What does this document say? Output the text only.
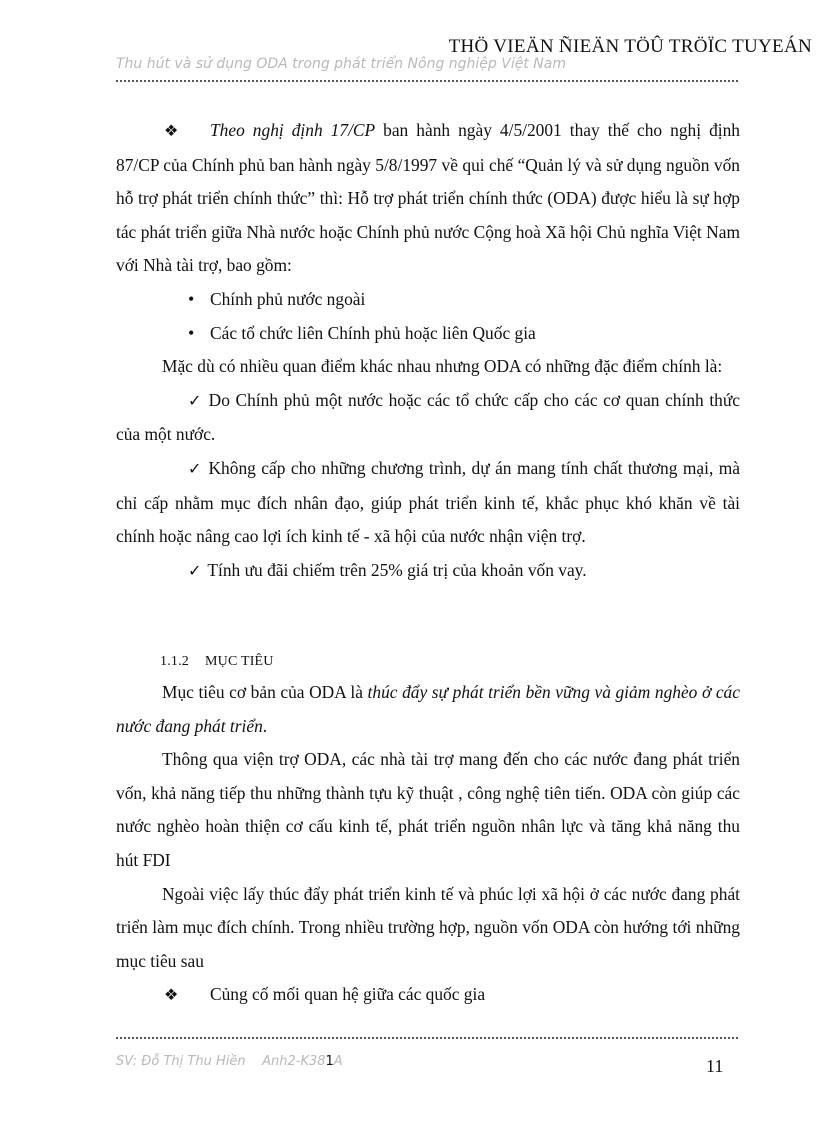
THÖ VIEÄN ÑIEÄN TÖÛ TRÖÏC TUYEÁN
Thu hút và sử dụng ODA trong phát triển Nông nghiệp Việt Nam

❖ Theo nghị định 17/CP ban hành ngày 4/5/2001 thay thế cho nghị định 87/CP của Chính phủ ban hành ngày 5/8/1997 về qui chế “Quản lý và sử dụng nguồn vốn hỗ trợ phát triển chính thức” thì: Hỗ trợ phát triển chính thức (ODA) được hiểu là sự hợp tác phát triển giữa Nhà nước hoặc Chính phủ nước Cộng hoà Xã hội Chủ nghĩa Việt Nam với Nhà tài trợ, bao gồm:

• Chính phủ nước ngoài
• Các tổ chức liên Chính phủ hoặc liên Quốc gia

Mặc dù có nhiều quan điểm khác nhau nhưng ODA có những đặc điểm chính là:

✓ Do Chính phủ một nước hoặc các tổ chức cấp cho các cơ quan chính thức của một nước.

✓ Không cấp cho những chương trình, dự án mang tính chất thương mại, mà chỉ cấp nhằm mục đích nhân đạo, giúp phát triển kinh tế, khắc phục khó khăn về tài chính hoặc nâng cao lợi ích kinh tế - xã hội của nước nhận viện trợ.

✓ Tính ưu đãi chiếm trên 25% giá trị của khoản vốn vay.

1.1.2 MỤC TIÊU

Mục tiêu cơ bản của ODA là thúc đẩy sự phát triển bền vững và giảm nghèo ở các nước đang phát triển.

Thông qua viện trợ ODA, các nhà tài trợ mang đến cho các nước đang phát triển vốn, khả năng tiếp thu những thành tựu kỹ thuật , công nghệ tiên tiến. ODA còn giúp các nước nghèo hoàn thiện cơ cấu kinh tế, phát triển nguồn nhân lực và tăng khả năng thu hút FDI

Ngoài việc lấy thúc đẩy phát triển kinh tế và phúc lợi xã hội ở các nước đang phát triển làm mục đích chính. Trong nhiều trường hợp, nguồn vốn ODA còn hướng tới những mục tiêu sau

❖ Củng cố mối quan hệ giữa các quốc gia

SV: Đỗ Thị Thu Hiền Anh2-K381A	11
